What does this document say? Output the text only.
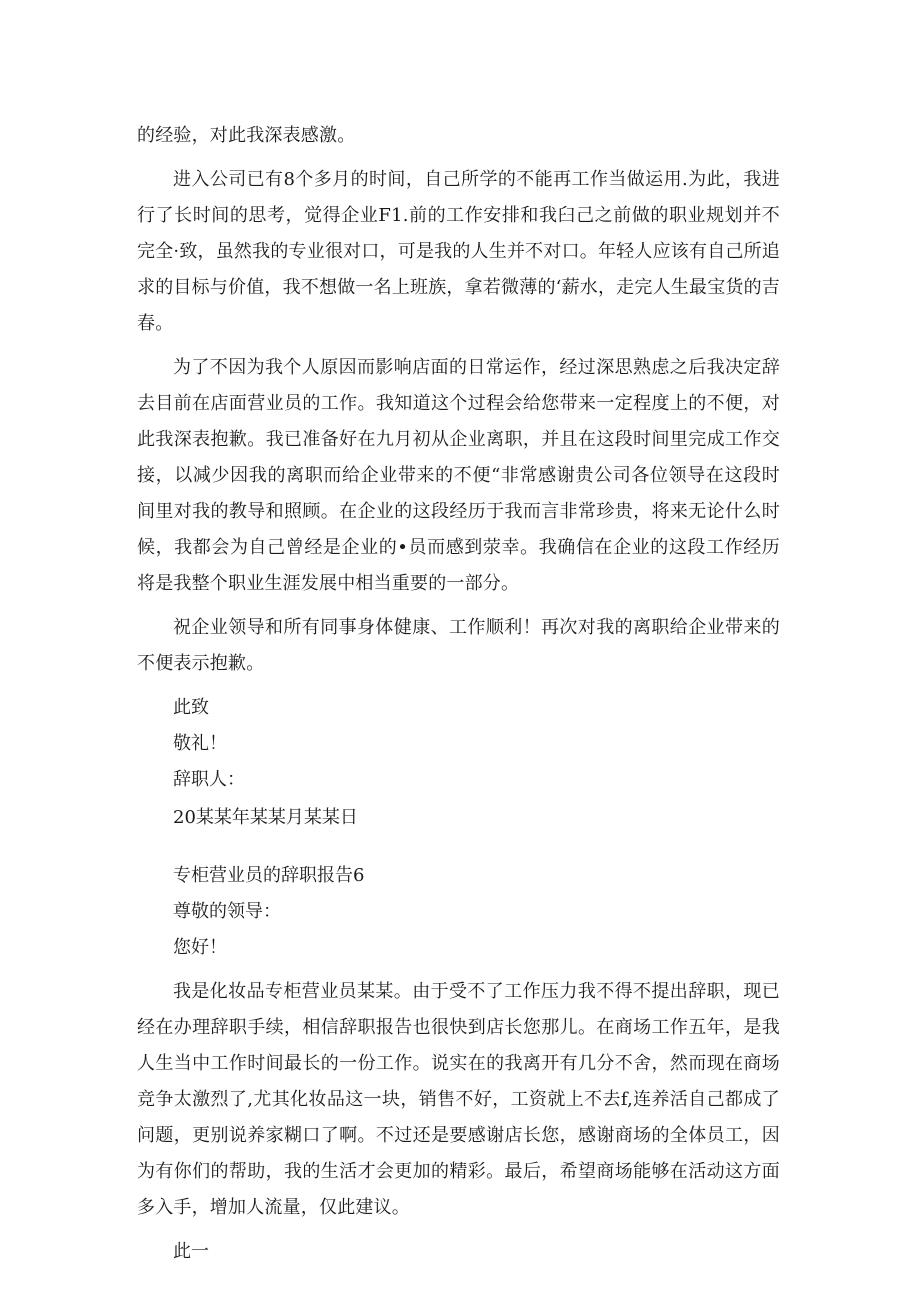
的经验，对此我深表感激。

进入公司已有8个多月的时间，自己所学的不能再工作当做运用.为此，我进行了长时间的思考，觉得企业F1.前的工作安排和我臼己之前做的职业规划并不完全·致，虽然我的专业很对口，可是我的人生并不对口。年轻人应该有自己所追求的目标与价值，我不想做一名上班族，拿若微薄的‘薪水，走完人生最宝货的吉春。

为了不因为我个人原因而影响店面的日常运作，经过深思熟虑之后我决定辞去目前在店面营业员的工作。我知道这个过程会给您带来一定程度上的不便，对此我深表抱歉。我已准备好在九月初从企业离职，并且在这段时间里完成工作交接，以减少因我的离职而给企业带来的不便“非常感谢贵公司各位领导在这段时间里对我的教导和照顾。在企业的这段经历于我而言非常珍贵，将来无论什么时候，我都会为自己曾经是企业的•员而感到荥幸。我确信在企业的这段工作经历将是我整个职业生涯发展中相当重要的一部分。

祝企业领导和所有同事身体健康、工作顺利！再次对我的离职给企业带来的不便表示抱歉。

此致

敬礼！

辞职人：

20某某年某某月某某日

专柜营业员的辞职报告6

尊敬的领导：

您好！

我是化妆品专柜营业员某某。由于受不了工作压力我不得不提出辞职，现已经在办理辞职手续，相信辞职报告也很快到店长您那儿。在商场工作五年，是我人生当中工作时间最长的一份工作。说实在的我离开有几分不舍，然而现在商场竞争太激烈了,尤其化妆品这一块，销售不好，工资就上不去f,连养活自己都成了问题，更别说养家糊口了啊。不过还是要感谢店长您，感谢商场的全体员工，因为有你们的帮助，我的生活才会更加的精彩。最后，希望商场能够在活动这方面多入手，增加人流量，仅此建议。

此一
